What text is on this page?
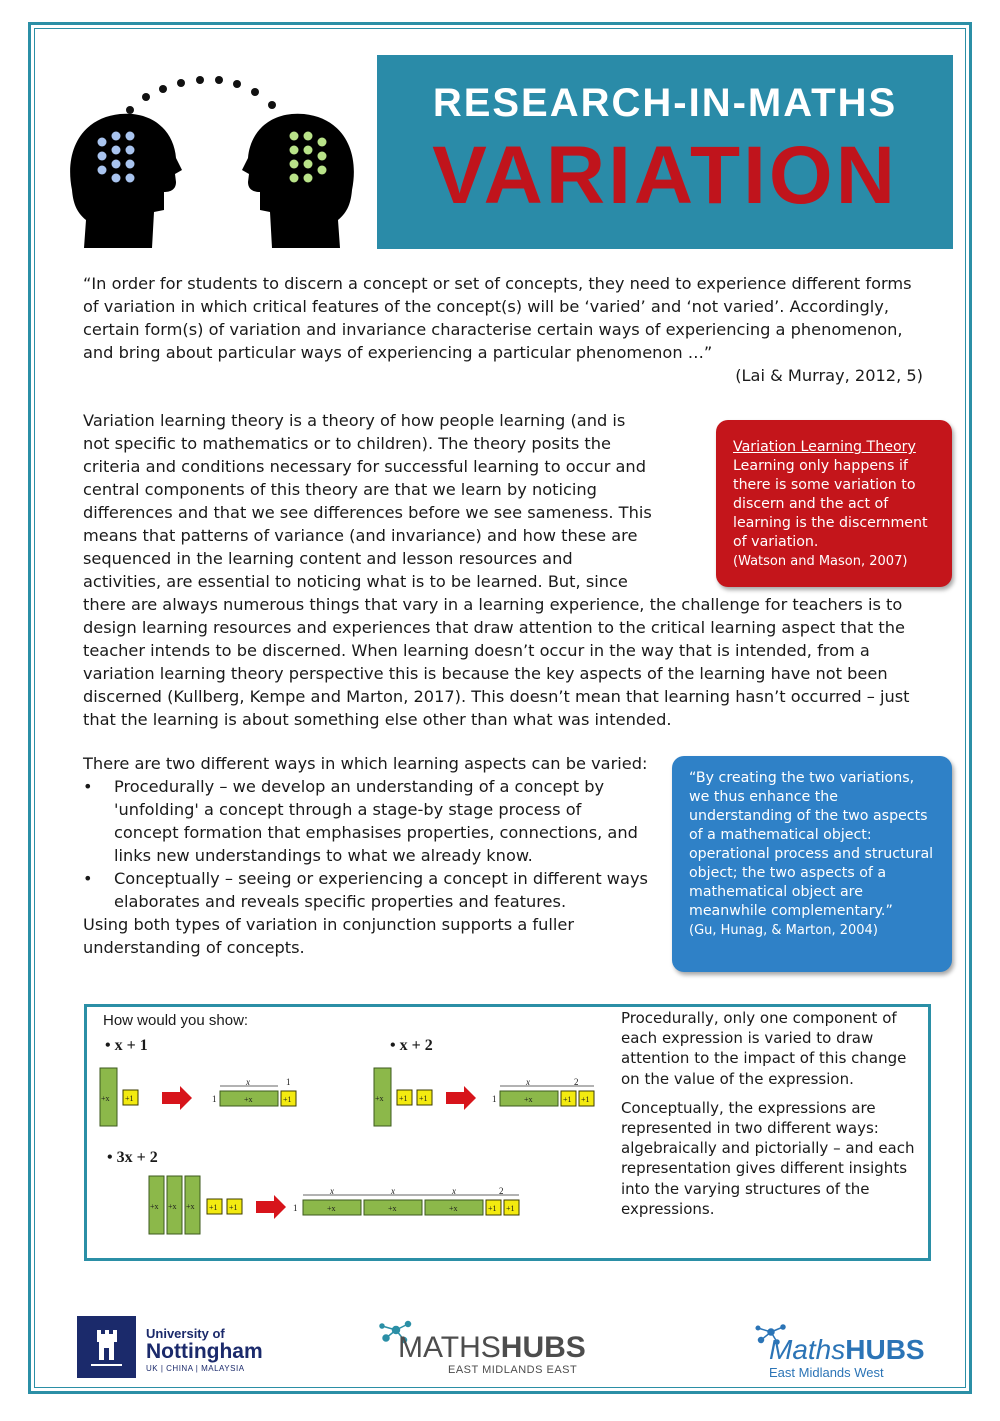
RESEARCH-IN-MATHS
VARIATION
“In order for students to discern a concept or set of concepts, they need to experience different forms of variation in which critical features of the concept(s) will be ‘varied’ and ‘not varied’. Accordingly, certain form(s) of variation and invariance characterise certain ways of experiencing a phenomenon, and bring about particular ways of experiencing a particular phenomenon …”
(Lai & Murray, 2012, 5)

Variation learning theory is a theory of how people learning (and is not specific to mathematics or to children). The theory posits the criteria and conditions necessary for successful learning to occur and central components of this theory are that we learn by noticing differences and that we see differences before we see sameness. This means that patterns of variance (and invariance) and how these are sequenced in the learning content and lesson resources and activities, are essential to noticing what is to be learned. But, since there are always numerous things that vary in a learning experience, the challenge for teachers is to design learning resources and experiences that draw attention to the critical learning aspect that the teacher intends to be discerned. When learning doesn’t occur in the way that is intended, from a variation learning theory perspective this is because the key aspects of the learning have not been discerned (Kullberg, Kempe and Marton, 2017). This doesn’t mean that learning hasn’t occurred – just that the learning is about something else other than what was intended.

Variation Learning Theory
Learning only happens if there is some variation to discern and the act of learning is the discernment of variation.
(Watson and Mason, 2007)
There are two different ways in which learning aspects can be varied:
• Procedurally – we develop an understanding of a concept by 'unfolding' a concept through a stage-by stage process of concept formation that emphasises properties, connections, and links new understandings to what we already know.
• Conceptually – seeing or experiencing a concept in different ways elaborates and reveals specific properties and features.
Using both types of variation in conjunction supports a fuller understanding of concepts.
“By creating the two variations, we thus enhance the understanding of the two aspects of a mathematical object: operational process and structural object; the two aspects of a mathematical object are meanwhile complementary.”
(Gu, Hunag, & Marton, 2004)
How would you show:
• x + 1	• x + 2
• 3x + 2
+x +1	1	+x	+1
x	1
+x +1 +1	1	+x	+1 +1
x	2
+x +x +x +1 +1	1	+x	+x	+x	+1 +1
x	x	x	2

Procedurally, only one component of each expression is varied to draw attention to the impact of this change on the value of the expression.

Conceptually, the expressions are represented in two different ways: algebraically and pictorially – and each representation gives different insights into the varying structures of the expressions.

University of
Nottingham
UK | CHINA | MALAYSIA
MATHSHUBS
EAST MIDLANDS EAST
MathsHUBS
East Midlands West
